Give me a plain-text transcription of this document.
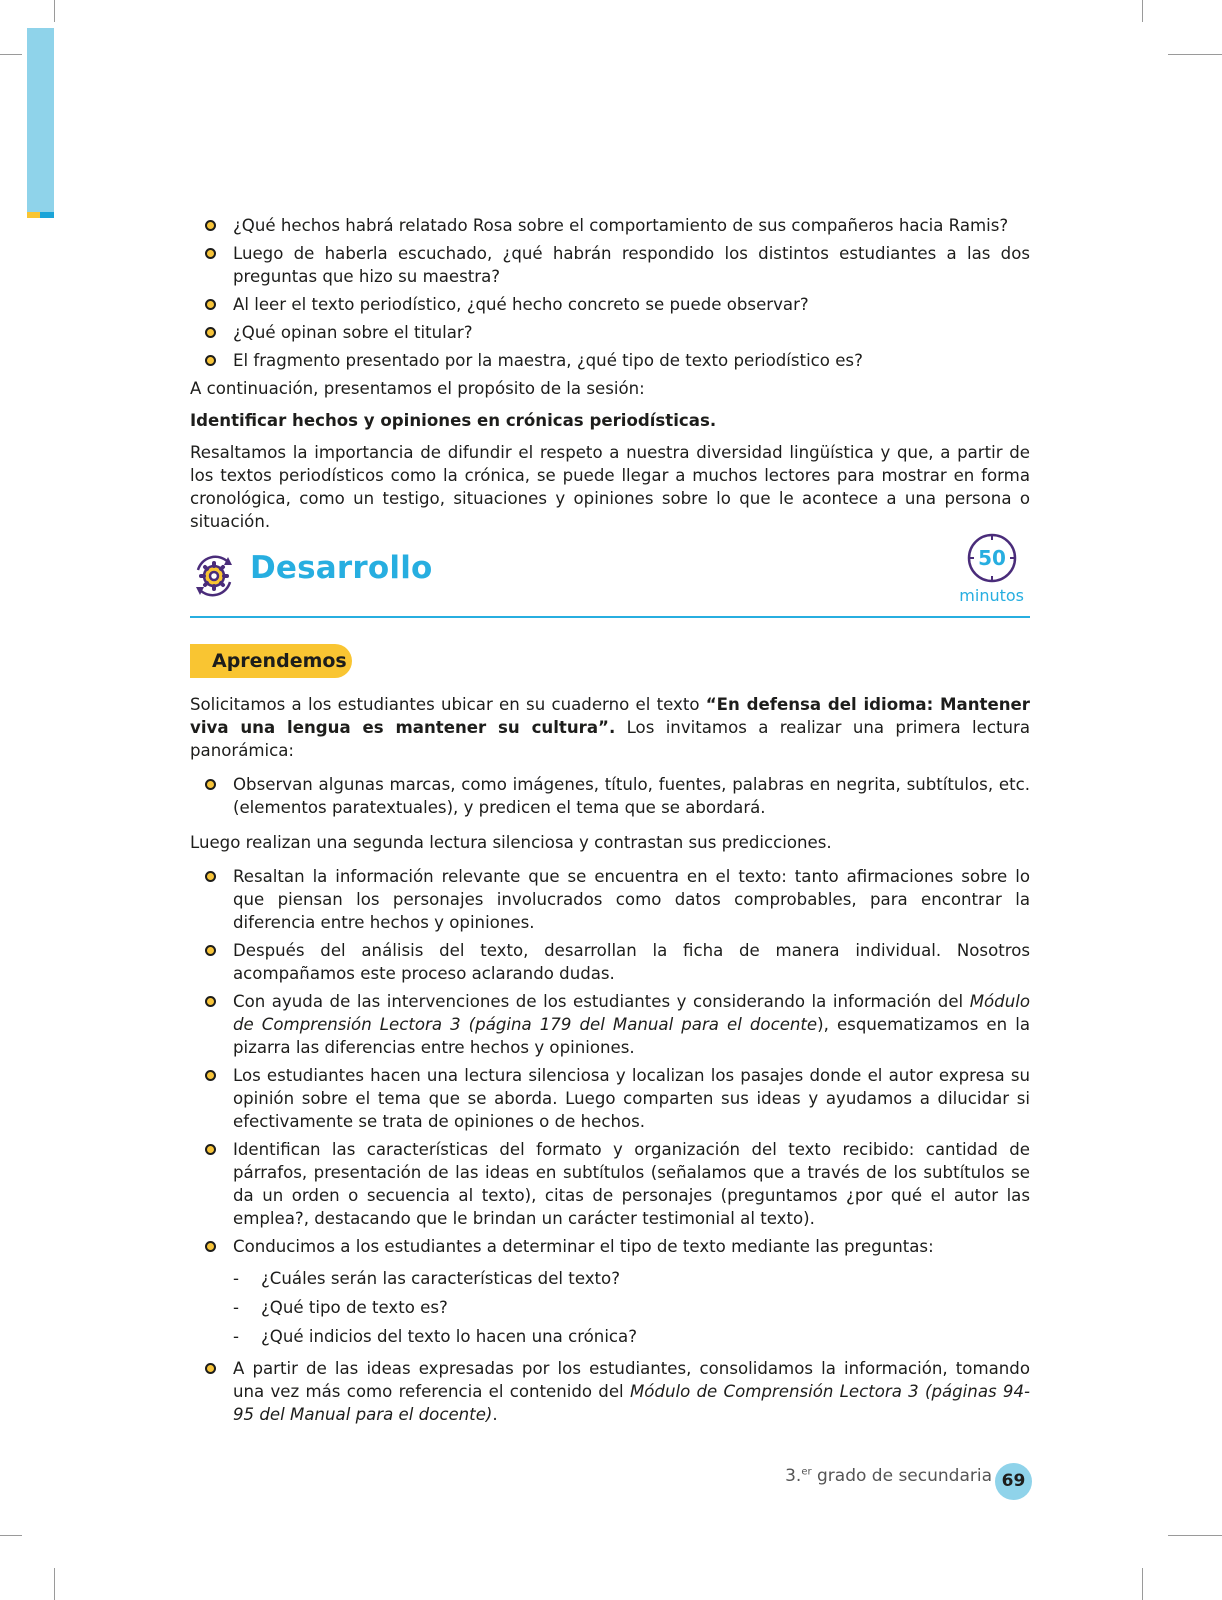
¿Qué hechos habrá relatado Rosa sobre el comportamiento de sus compañeros hacia Ramis?
Luego de haberla escuchado, ¿qué habrán respondido los distintos estudiantes a las dos preguntas que hizo su maestra?
Al leer el texto periodístico, ¿qué hecho concreto se puede observar?
¿Qué opinan sobre el titular?
El fragmento presentado por la maestra, ¿qué tipo de texto periodístico es?

A continuación, presentamos el propósito de la sesión:

Identificar hechos y opiniones en crónicas periodísticas.

Resaltamos la importancia de difundir el respeto a nuestra diversidad lingüística y que, a partir de los textos periodísticos como la crónica, se puede llegar a muchos lectores para mostrar en forma cronológica, como un testigo, situaciones y opiniones sobre lo que le acontece a una persona o situación.

Desarrollo	50
minutos
Aprendemos

Solicitamos a los estudiantes ubicar en su cuaderno el texto “En defensa del idioma: Mantener viva una lengua es mantener su cultura”. Los invitamos a realizar una primera lectura panorámica:

Observan algunas marcas, como imágenes, título, fuentes, palabras en negrita, subtítulos, etc. (elementos paratextuales), y predicen el tema que se abordará.

Luego realizan una segunda lectura silenciosa y contrastan sus predicciones.

Resaltan la información relevante que se encuentra en el texto: tanto afirmaciones sobre lo que piensan los personajes involucrados como datos comprobables, para encontrar la diferencia entre hechos y opiniones.
Después del análisis del texto, desarrollan la ficha de manera individual. Nosotros acompañamos este proceso aclarando dudas.
Con ayuda de las intervenciones de los estudiantes y considerando la información del Módulo de Comprensión Lectora 3 (página 179 del Manual para el docente), esquematizamos en la pizarra las diferencias entre hechos y opiniones.
Los estudiantes hacen una lectura silenciosa y localizan los pasajes donde el autor expresa su opinión sobre el tema que se aborda. Luego comparten sus ideas y ayudamos a dilucidar si efectivamente se trata de opiniones o de hechos.
Identifican las características del formato y organización del texto recibido: cantidad de párrafos, presentación de las ideas en subtítulos (señalamos que a través de los subtítulos se da un orden o secuencia al texto), citas de personajes (preguntamos ¿por qué el autor las emplea?, destacando que le brindan un carácter testimonial al texto).
Conducimos a los estudiantes a determinar el tipo de texto mediante las preguntas:
- ¿Cuáles serán las características del texto?
- ¿Qué tipo de texto es?
- ¿Qué indicios del texto lo hacen una crónica?
A partir de las ideas expresadas por los estudiantes, consolidamos la información, tomando una vez más como referencia el contenido del Módulo de Comprensión Lectora 3 (páginas 94-95 del Manual para el docente).
3.$^{er}$ grado de secundaria 69
